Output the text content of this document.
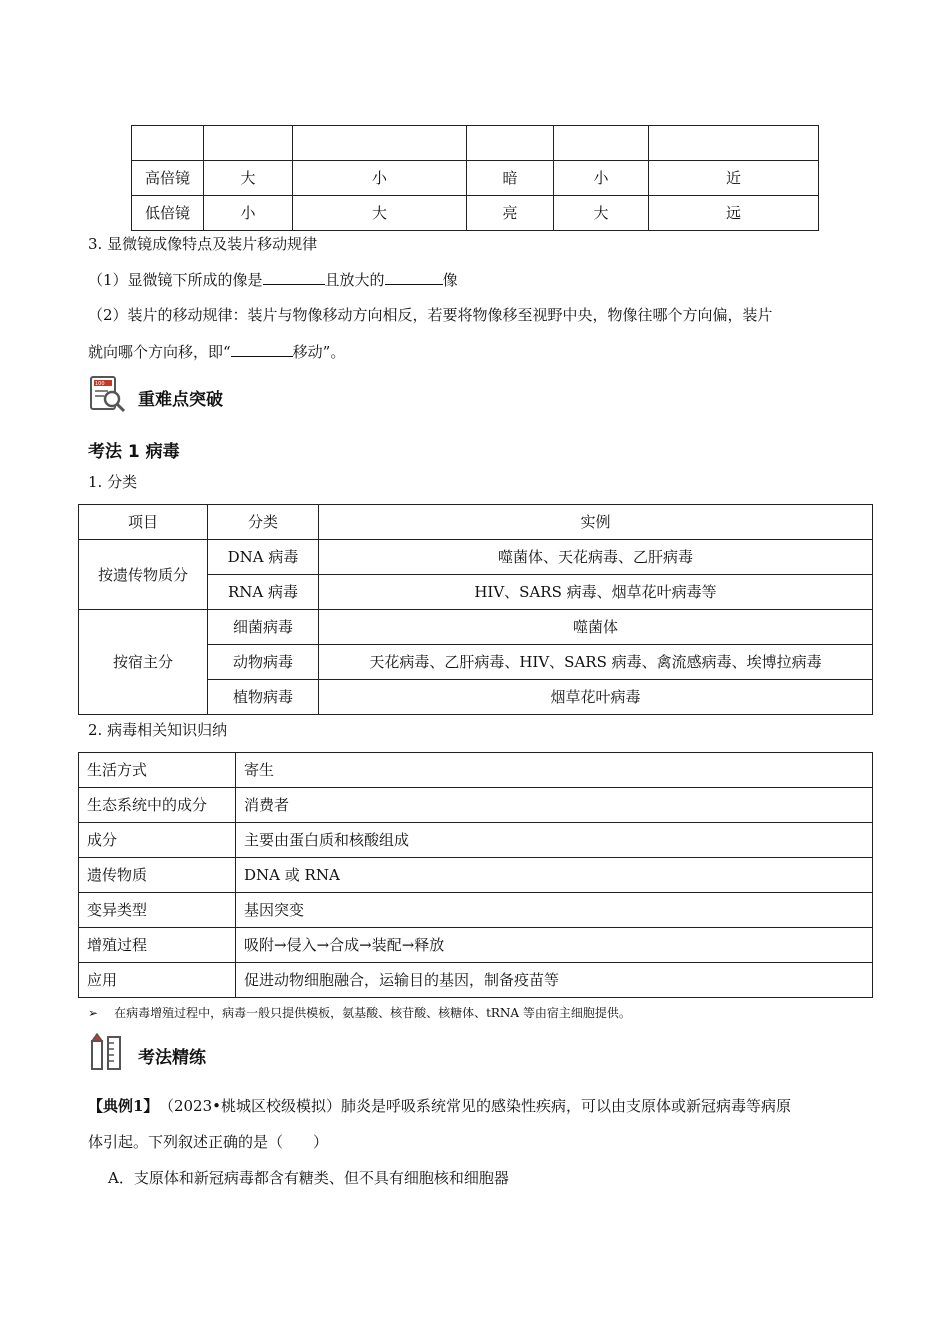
高倍镜	大	小	暗	小	近
低倍镜	小	大	亮	大	远
3. 显微镜成像特点及装片移动规律
（1）显微镜下所成的像是	且放大的	像
（2）装片的移动规律：装片与物像移动方向相反，若要将物像移至视野中央，物像往哪个方向偏，装片
就向哪个方向移，即“	移动”。
100
重难点突破
考法 1 病毒
1. 分类
项目	分类	实例
按遗传物质分	DNA 病毒	噬菌体、天花病毒、乙肝病毒
	RNA 病毒	HIV、SARS 病毒、烟草花叶病毒等
按宿主分	细菌病毒	噬菌体
	动物病毒	天花病毒、乙肝病毒、HIV、SARS 病毒、禽流感病毒、埃博拉病毒
	植物病毒	烟草花叶病毒
2. 病毒相关知识归纳
生活方式	寄生
生态系统中的成分	消费者
成分	主要由蛋白质和核酸组成
遗传物质	DNA 或 RNA
变异类型	基因突变
增殖过程	吸附→侵入→合成→装配→释放
应用	促进动物细胞融合，运输目的基因，制备疫苗等
➢ 在病毒增殖过程中，病毒一般只提供模板，氨基酸、核苷酸、核糖体、tRNA 等由宿主细胞提供。
考法精练
【典例1】 （2023•桃城区校级模拟）肺炎是呼吸系统常见的感染性疾病，可以由支原体或新冠病毒等病原
体引起。下列叙述正确的是（　　）
A．支原体和新冠病毒都含有糖类、但不具有细胞核和细胞器
